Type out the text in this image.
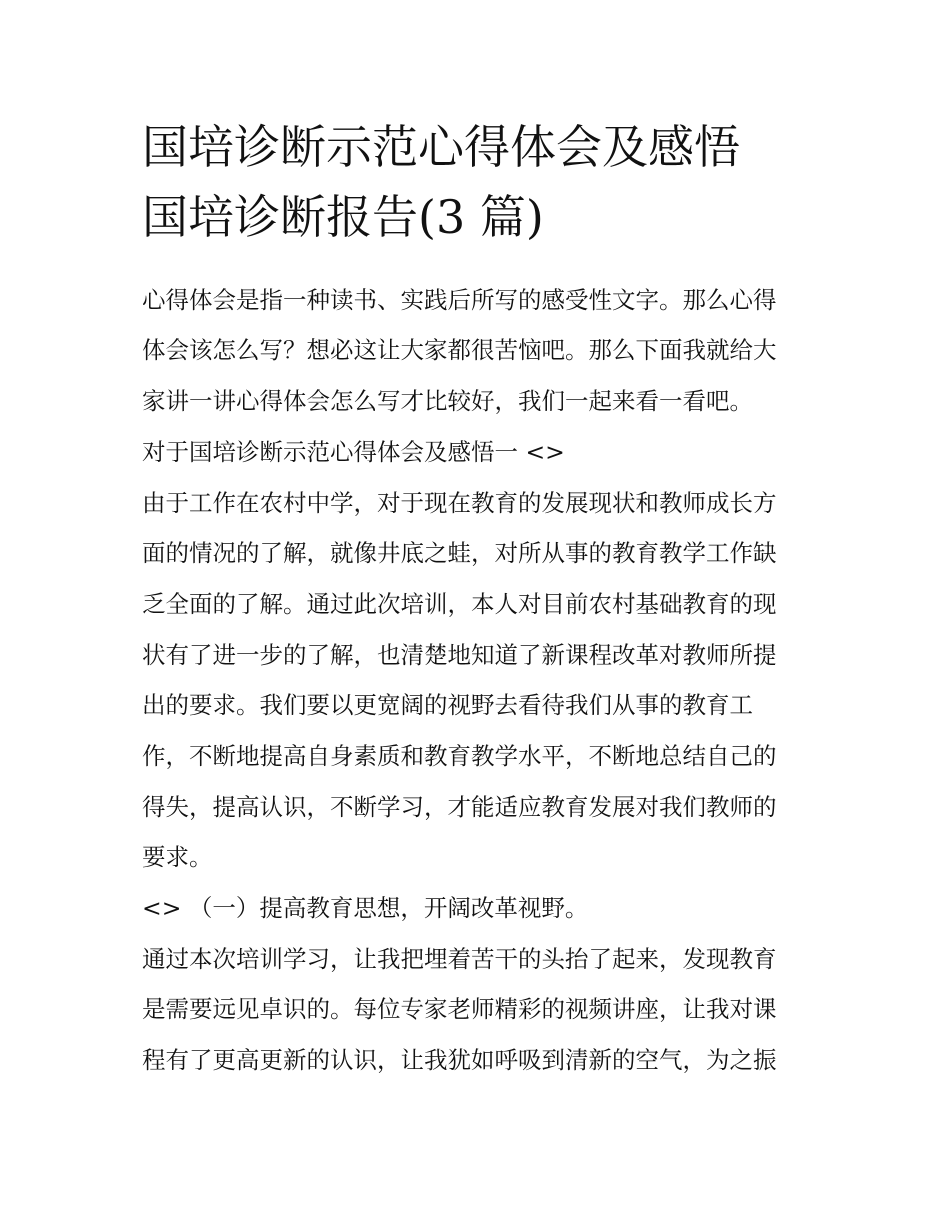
国培诊断示范心得体会及感悟
国培诊断报告(3 篇)

心得体会是指一种读书、实践后所写的感受性文字。那么心得

体会该怎么写？想必这让大家都很苦恼吧。那么下面我就给大

家讲一讲心得体会怎么写才比较好，我们一起来看一看吧。

对于国培诊断示范心得体会及感悟一 <>

由于工作在农村中学，对于现在教育的发展现状和教师成长方

面的情况的了解，就像井底之蛙，对所从事的教育教学工作缺

乏全面的了解。通过此次培训，本人对目前农村基础教育的现

状有了进一步的了解，也清楚地知道了新课程改革对教师所提

出的要求。我们要以更宽阔的视野去看待我们从事的教育工

作，不断地提高自身素质和教育教学水平，不断地总结自己的

得失，提高认识，不断学习，才能适应教育发展对我们教师的

要求。

<> （一）提高教育思想，开阔改革视野。

通过本次培训学习，让我把埋着苦干的头抬了起来，发现教育

是需要远见卓识的。每位专家老师精彩的视频讲座，让我对课

程有了更高更新的认识，让我犹如呼吸到清新的空气，为之振
